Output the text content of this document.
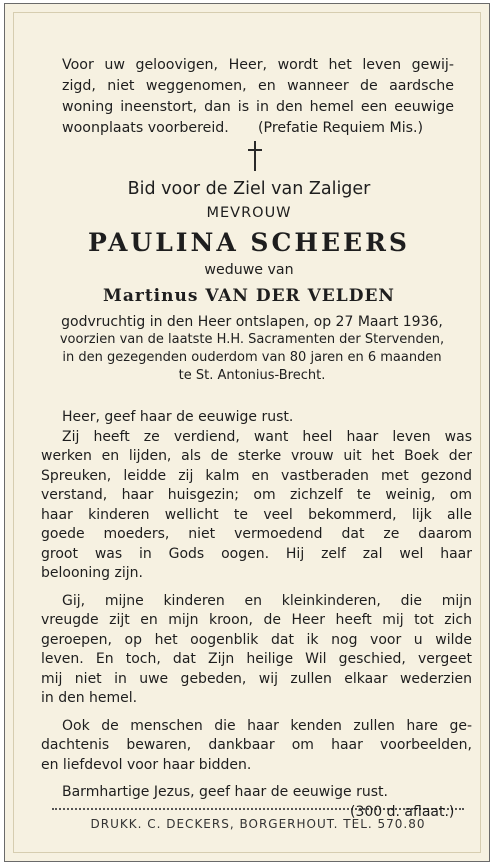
Voor uw geloovigen, Heer, wordt het leven gewij-
zigd, niet weggenomen, en wanneer de aardsche
woning ineenstort, dan is in den hemel een eeuwige
woonplaats voorbereid. (Prefatie Requiem Mis.)
Bid voor de Ziel van Zaliger
MEVROUW
PAULINA SCHEERS
weduwe van
Martinus VAN DER VELDEN
godvruchtig in den Heer ontslapen, op 27 Maart 1936,
voorzien van de laatste H.H. Sacramenten der Stervenden,
in den gezegenden ouderdom van 80 jaren en 6 maanden
te St. Antonius-Brecht.
Heer, geef haar de eeuwige rust.
Zij heeft ze verdiend, want heel haar leven was
werken en lijden, als de sterke vrouw uit het Boek der
Spreuken, leidde zij kalm en vastberaden met gezond
verstand, haar huisgezin; om zichzelf te weinig, om
haar kinderen wellicht te veel bekommerd, lijk alle
goede moeders, niet vermoedend dat ze daarom
groot was in Gods oogen. Hij zelf zal wel haar
belooning zijn.
Gij, mijne kinderen en kleinkinderen, die mijn
vreugde zijt en mijn kroon, de Heer heeft mij tot zich
geroepen, op het oogenblik dat ik nog voor u wilde
leven. En toch, dat Zijn heilige Wil geschied, vergeet
mij niet in uwe gebeden, wij zullen elkaar wederzien
in den hemel.
Ook de menschen die haar kenden zullen hare ge-
dachtenis bewaren, dankbaar om haar voorbeelden,
en liefdevol voor haar bidden.
DRUKK. C. DECKERS, BORGERHOUT. TEL. 570.80
Barmhartige Jezus, geef haar de eeuwige rust.
(300 d. aflaat.)
